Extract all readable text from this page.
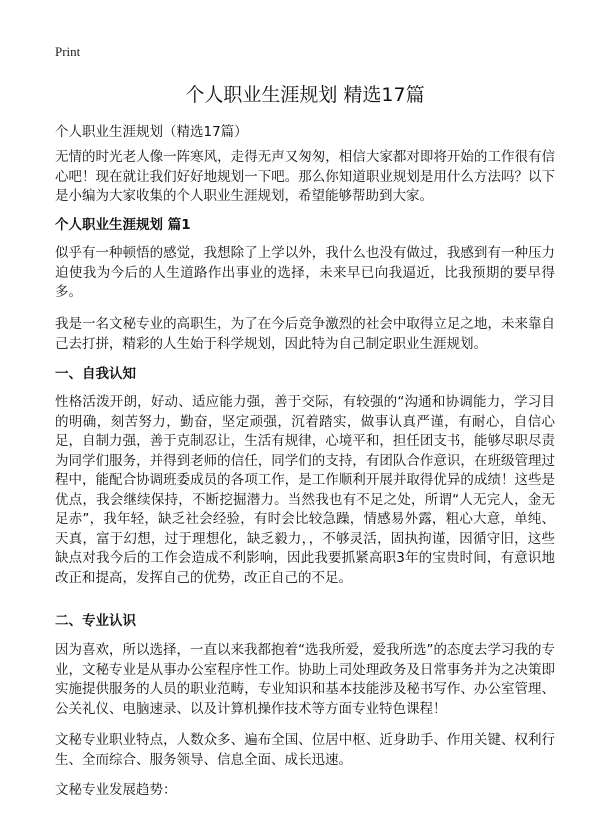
Print
个人职业生涯规划 精选17篇

个人职业生涯规划（精选17篇）

无情的时光老人像一阵寒风，走得无声又匆匆，相信大家都对即将开始的工作很有信心吧！现在就让我们好好地规划一下吧。那么你知道职业规划是用什么方法吗？以下是小编为大家收集的个人职业生涯规划，希望能够帮助到大家。

个人职业生涯规划 篇1

似乎有一种顿悟的感觉，我想除了上学以外，我什么也没有做过，我感到有一种压力迫使我为今后的人生道路作出事业的选择，未来早已向我逼近，比我预期的要早得多。

我是一名文秘专业的高职生，为了在今后竞争激烈的社会中取得立足之地，未来靠自己去打拼，精彩的人生始于科学规划，因此特为自己制定职业生涯规划。

一、自我认知

性格活泼开朗，好动、适应能力强，善于交际，有较强的“沟通和协调能力，学习目的明确，刻苦努力，勤奋，坚定顽强，沉着踏实，做事认真严谨，有耐心，自信心足，自制力强，善于克制忍让，生活有规律，心境平和，担任团支书，能够尽职尽责为同学们服务，并得到老师的信任，同学们的支持，有团队合作意识，在班级管理过程中，能配合协调班委成员的各项工作，是工作顺利开展并取得优异的成绩！这些是优点，我会继续保持，不断挖掘潜力。当然我也有不足之处，所谓“人无完人，金无足赤”，我年轻，缺乏社会经验，有时会比较急躁，情感易外露，粗心大意，单纯、天真，富于幻想，过于理想化，缺乏毅力，，不够灵活，固执拘谨，因循守旧，这些缺点对我今后的工作会造成不利影响，因此我要抓紧高职3年的宝贵时间，有意识地改正和提高，发挥自己的优势，改正自己的不足。

二、专业认识

因为喜欢，所以选择，一直以来我都抱着“选我所爱，爱我所选”的态度去学习我的专业，文秘专业是从事办公室程序性工作。协助上司处理政务及日常事务并为之决策即实施提供服务的人员的职业范畴，专业知识和基本技能涉及秘书写作、办公室管理、公关礼仪、电脑速录、以及计算机操作技术等方面专业特色课程！

文秘专业职业特点，人数众多、遍布全国、位居中枢、近身助手、作用关键、权利行生、全而综合、服务领导、信息全面、成长迅速。

文秘专业发展趋势：
